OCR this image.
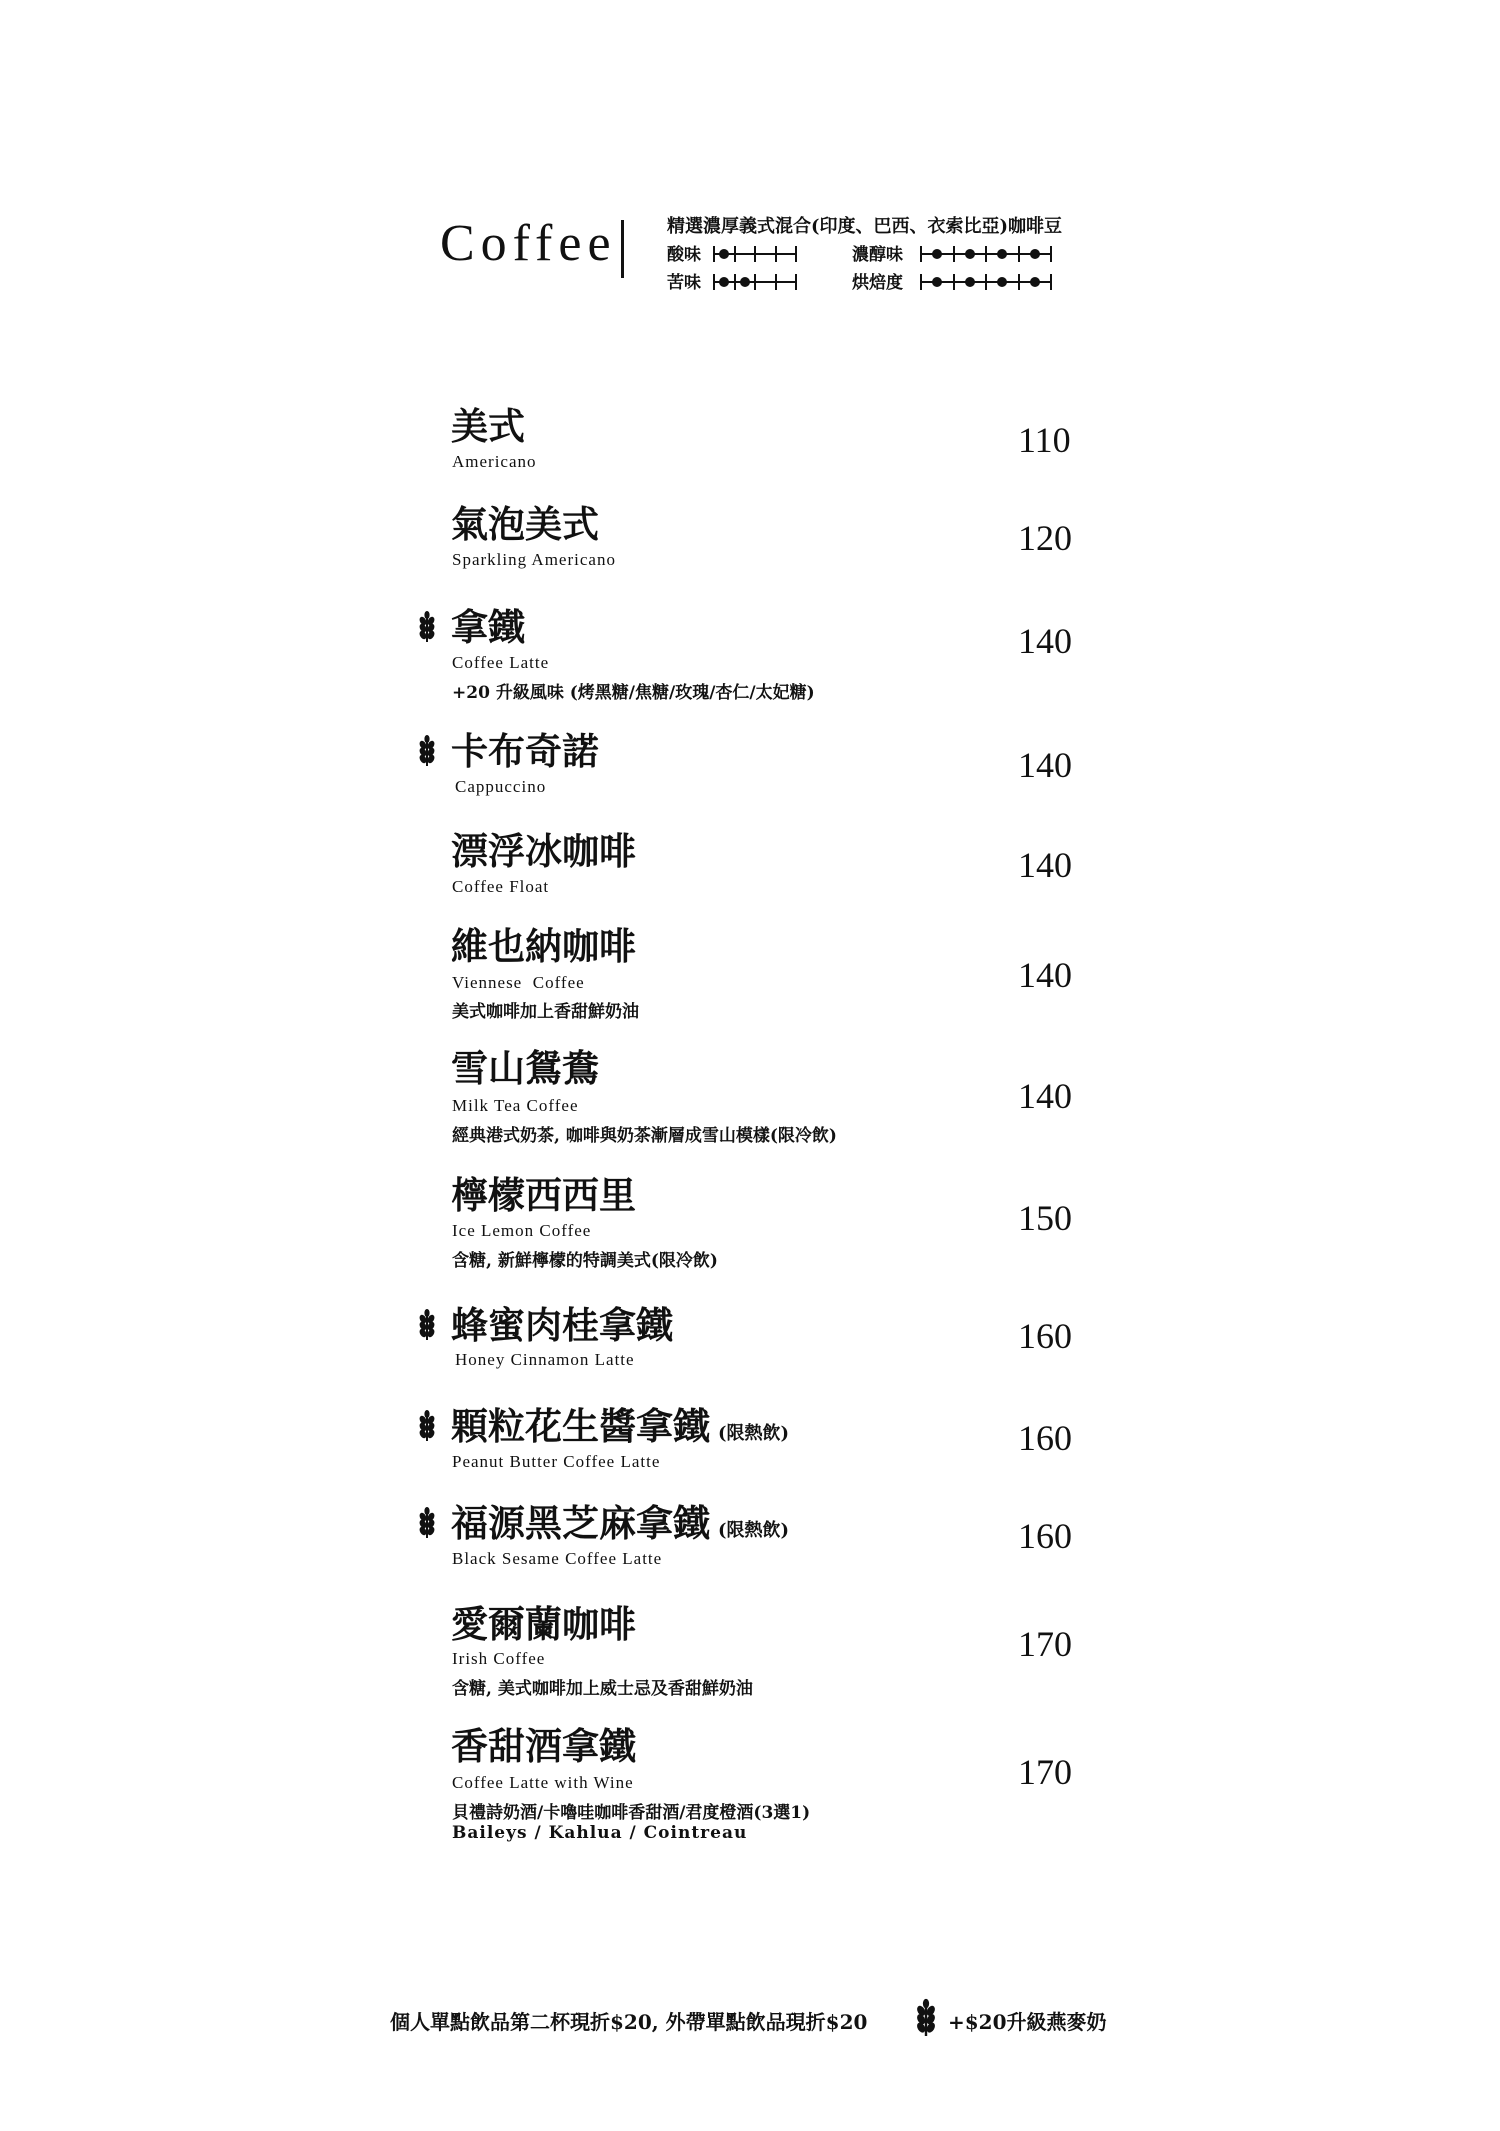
Coffee	精選濃厚義式混合(印度、巴西、衣索比亞)咖啡豆
酸味
苦味
濃醇味
烘焙度
美式
Americano
110
氣泡美式
Sparkling Americano
120
拿鐵
Coffee Latte
+20 升級風味 (烤黑糖/焦糖/玫瑰/杏仁/太妃糖)
140
卡布奇諾
Cappuccino
140
漂浮冰咖啡
Coffee Float
140
維也納咖啡
Viennese  Coffee
美式咖啡加上香甜鮮奶油
140
雪山鴛鴦
Milk Tea Coffee
經典港式奶茶, 咖啡與奶茶漸層成雪山模樣(限冷飲)
140
檸檬西西里
Ice Lemon Coffee
含糖, 新鮮檸檬的特調美式(限冷飲)
150
蜂蜜肉桂拿鐵
Honey Cinnamon Latte
160
顆粒花生醬拿鐵 (限熱飲)
Peanut Butter Coffee Latte
160
福源黑芝麻拿鐵 (限熱飲)
Black Sesame Coffee Latte
160
愛爾蘭咖啡
Irish Coffee
含糖, 美式咖啡加上威士忌及香甜鮮奶油
170
香甜酒拿鐵
Coffee Latte with Wine
貝禮詩奶酒/卡嚕哇咖啡香甜酒/君度橙酒(3選1)
Baileys / Kahlua / Cointreau
170
個人單點飲品第二杯現折$20, 外帶單點飲品現折$20	+$20升級燕麥奶
